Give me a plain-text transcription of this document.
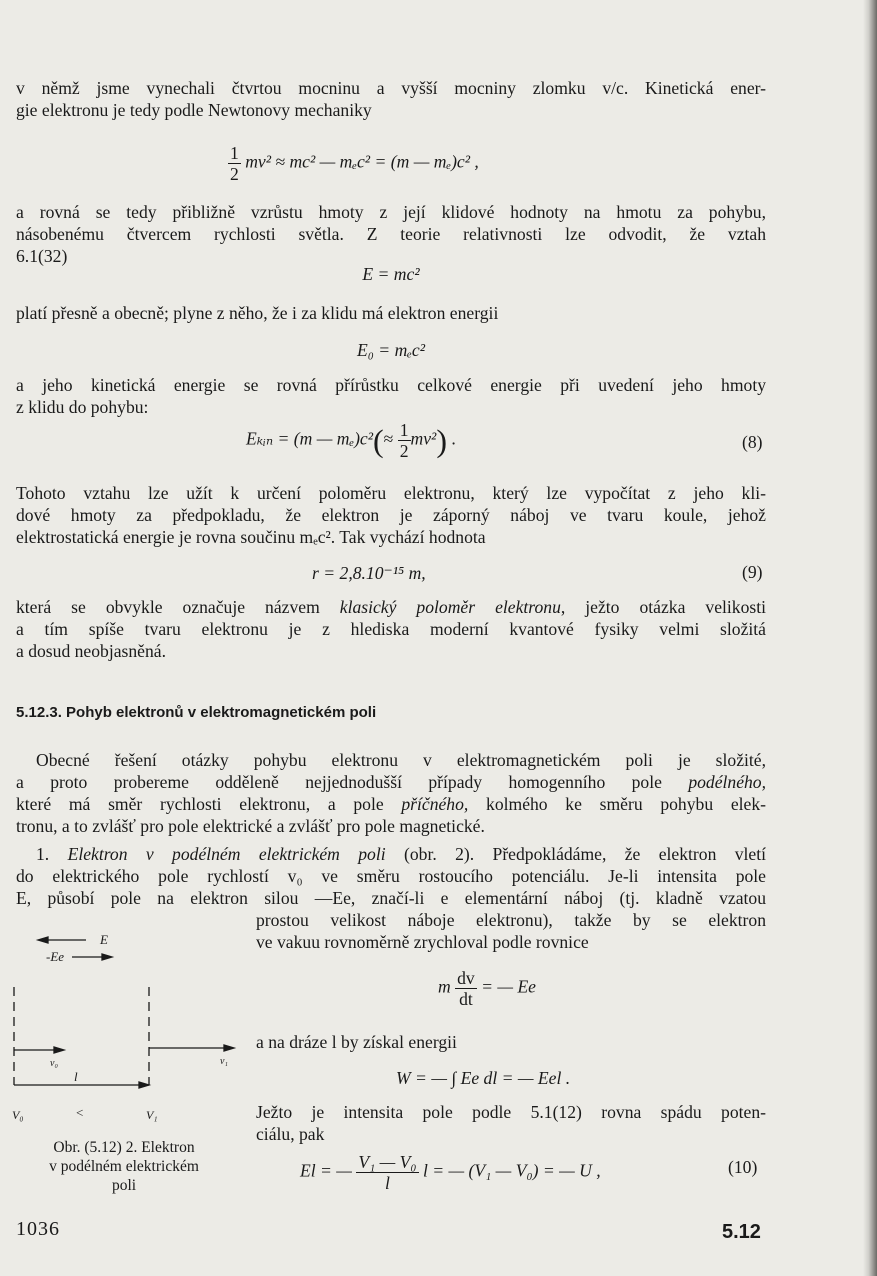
v němž jsme vynechali čtvrtou mocninu a vyšší mocniny zlomku v/c. Kinetická ener-

gie elektronu je tedy podle Newtonovy mechaniky

$\frac{1}{2} mv^2 \approx mc^2$ — mₑc² = (m — mₑ)c² ,

a rovná se tedy přibližně vzrůstu hmoty z její klidové hodnoty na hmotu za pohybu,

násobenému čtvercem rychlosti světla. Z teorie relativnosti lze odvodit, že vztah

6.1(32)

E = mc²

platí přesně a obecně; plyne z něho, že i za klidu má elektron energii

E₀ = mₑc²

a jeho kinetická energie se rovná přírůstku celkové energie při uvedení jeho hmoty

z klidu do pohybu:

Eₖᵢₙ = (m — $m_e)c^2(\approx \frac{1}{2} mv^2)$ .	(8)

Tohoto vztahu lze užít k určení poloměru elektronu, který lze vypočítat z jeho kli-

dové hmoty za předpokladu, že elektron je záporný náboj ve tvaru koule, jehož

elektrostatická energie je rovna součinu mₑc². Tak vychází hodnota

r = 2,8.10⁻¹⁵ m,	(9)

která se obvykle označuje názvem klasický poloměr elektronu, ježto otázka velikosti

a tím spíše tvaru elektronu je z hlediska moderní kvantové fysiky velmi složitá

a dosud neobjasněná.

5.12.3. Pohyb elektronů v elektromagnetickém poli

Obecné řešení otázky pohybu elektronu v elektromagnetickém poli je složité,

a proto probereme odděleně nejjednodušší případy homogenního pole podélného,

které má směr rychlosti elektronu, a pole příčného, kolmého ke směru pohybu elek-

tronu, a to zvlášť pro pole elektrické a zvlášť pro pole magnetické.

1. Elektron v podélném elektrickém poli (obr. 2). Předpokládáme, že elektron vletí

do elektrického pole rychlostí v₀ ve směru rostoucího potenciálu. Je-li intensita pole

E, působí pole na elektron silou —Ee, značí-li e elementární náboj (tj. kladně vzatou

prostou velikost náboje elektronu), takže by se elektron

ve vakuu rovnoměrně zrychloval podle rovnice

m $\frac{dv}{dt}$ = — Ee

a na dráze l by získal energii

W = — ∫ Ee dl = — Eel .

Ježto je intensita pole podle 5.1(12) rovna spádu poten-

ciálu, pak

El = — $\frac{\text{V₁ — V₀}}{l}$ l = — (V₁ — V₀) = — U ,	(10)
E
-Ee
v₀	v₁
l
V₀	<	V₁
Obr. (5.12) 2. Elektron
v podélném elektrickém
poli
1036	5.12
